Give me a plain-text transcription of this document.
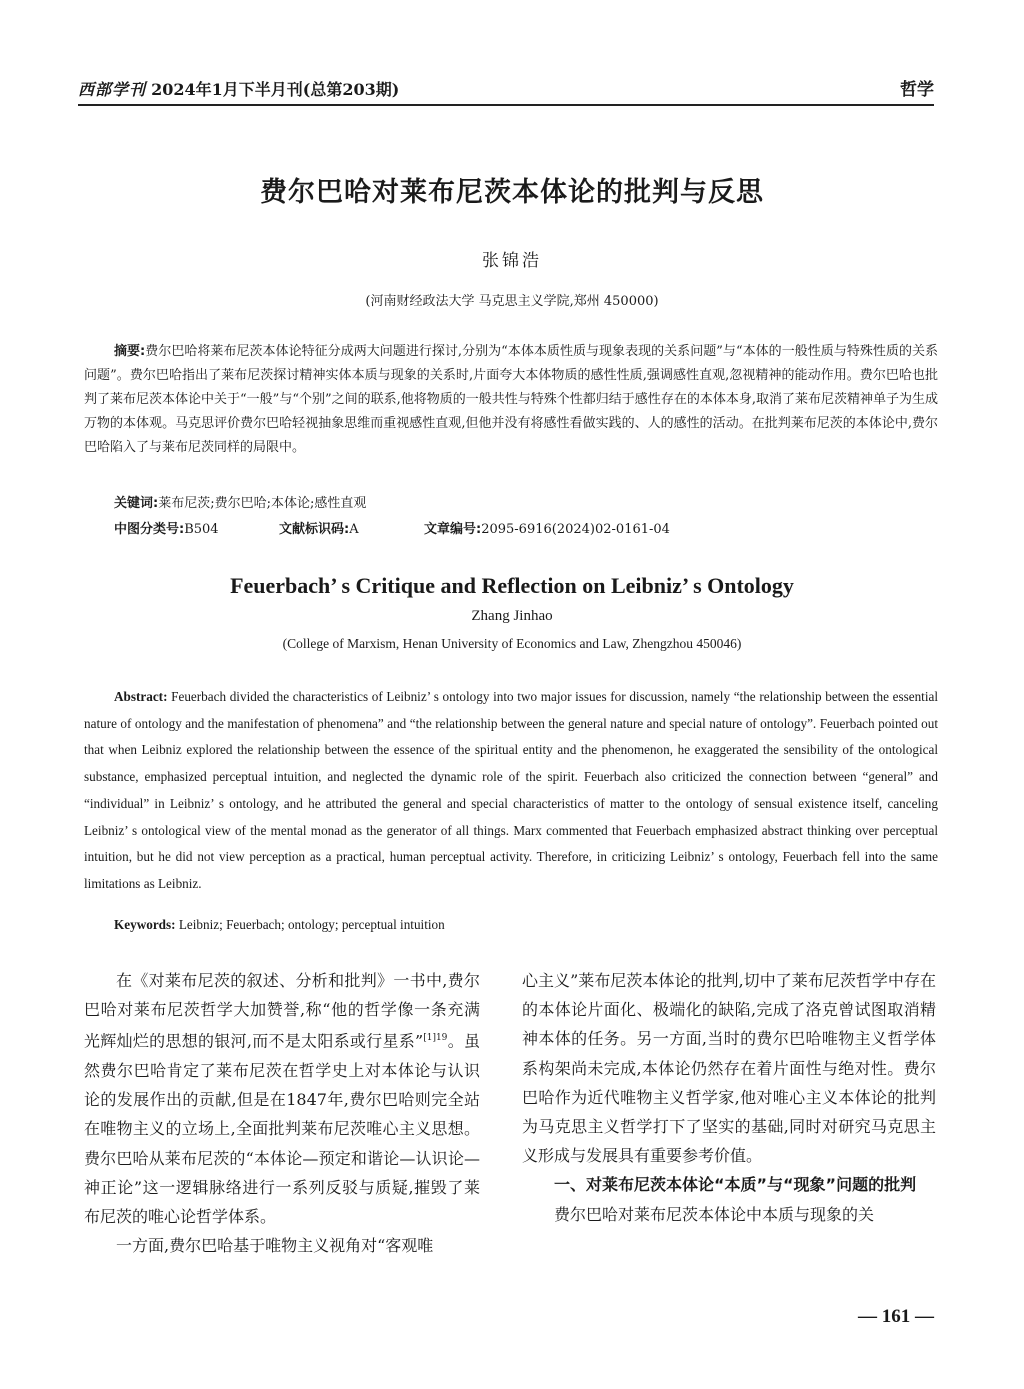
西部学刊 2024年1月下半月刊(总第203期)	哲学
费尔巴哈对莱布尼茨本体论的批判与反思
张锦浩
(河南财经政法大学 马克思主义学院,郑州 450000)
摘要:费尔巴哈将莱布尼茨本体论特征分成两大问题进行探讨,分别为“本体本质性质与现象表现的关系问题”与“本体的一般性质与特殊性质的关系问题”。费尔巴哈指出了莱布尼茨探讨精神实体本质与现象的关系时,片面夸大本体物质的感性性质,强调感性直观,忽视精神的能动作用。费尔巴哈也批判了莱布尼茨本体论中关于“一般”与“个别”之间的联系,他将物质的一般共性与特殊个性都归结于感性存在的本体本身,取消了莱布尼茨精神单子为生成万物的本体观。马克思评价费尔巴哈轻视抽象思维而重视感性直观,但他并没有将感性看做实践的、人的感性的活动。在批判莱布尼茨的本体论中,费尔巴哈陷入了与莱布尼茨同样的局限中。
关键词:莱布尼茨;费尔巴哈;本体论;感性直观
中图分类号:B504	文献标识码:A	文章编号:2095-6916(2024)02-0161-04
Feuerbach’ s Critique and Reflection on Leibniz’ s Ontology
Zhang Jinhao
(College of Marxism, Henan University of Economics and Law, Zhengzhou 450046)
Abstract: Feuerbach divided the characteristics of Leibniz’ s ontology into two major issues for discussion, namely “the relationship between the essential nature of ontology and the manifestation of phenomena” and “the relationship between the general nature and special nature of ontology”. Feuerbach pointed out that when Leibniz explored the relationship between the essence of the spiritual entity and the phenomenon, he exaggerated the sensibility of the ontological substance, emphasized perceptual intuition, and neglected the dynamic role of the spirit. Feuerbach also criticized the connection between “general” and “individual” in Leibniz’ s ontology, and he attributed the general and special characteristics of matter to the ontology of sensual existence itself, canceling Leibniz’ s ontological view of the mental monad as the generator of all things. Marx commented that Feuerbach emphasized abstract thinking over perceptual intuition, but he did not view perception as a practical, human perceptual activity. Therefore, in criticizing Leibniz’ s ontology, Feuerbach fell into the same limitations as Leibniz.
Keywords: Leibniz; Feuerbach; ontology; perceptual intuition

在《对莱布尼茨的叙述、分析和批判》一书中,费尔巴哈对莱布尼茨哲学大加赞誉,称“他的哲学像一条充满光辉灿烂的思想的银河,而不是太阳系或行星系”$^{[1]19}$。虽然费尔巴哈肯定了莱布尼茨在哲学史上对本体论与认识论的发展作出的贡献,但是在1847年,费尔巴哈则完全站在唯物主义的立场上,全面批判莱布尼茨唯心主义思想。费尔巴哈从莱布尼茨的“本体论—预定和谐论—认识论—神正论”这一逻辑脉络进行一系列反驳与质疑,摧毁了莱布尼茨的唯心论哲学体系。

一方面,费尔巴哈基于唯物主义视角对“客观唯

心主义”莱布尼茨本体论的批判,切中了莱布尼茨哲学中存在的本体论片面化、极端化的缺陷,完成了洛克曾试图取消精神本体的任务。另一方面,当时的费尔巴哈唯物主义哲学体系构架尚未完成,本体论仍然存在着片面性与绝对性。费尔巴哈作为近代唯物主义哲学家,他对唯心主义本体论的批判为马克思主义哲学打下了坚实的基础,同时对研究马克思主义形成与发展具有重要参考价值。

一、对莱布尼茨本体论“本质”与“现象”问题的批判

费尔巴哈对莱布尼茨本体论中本质与现象的关

— 161 —
